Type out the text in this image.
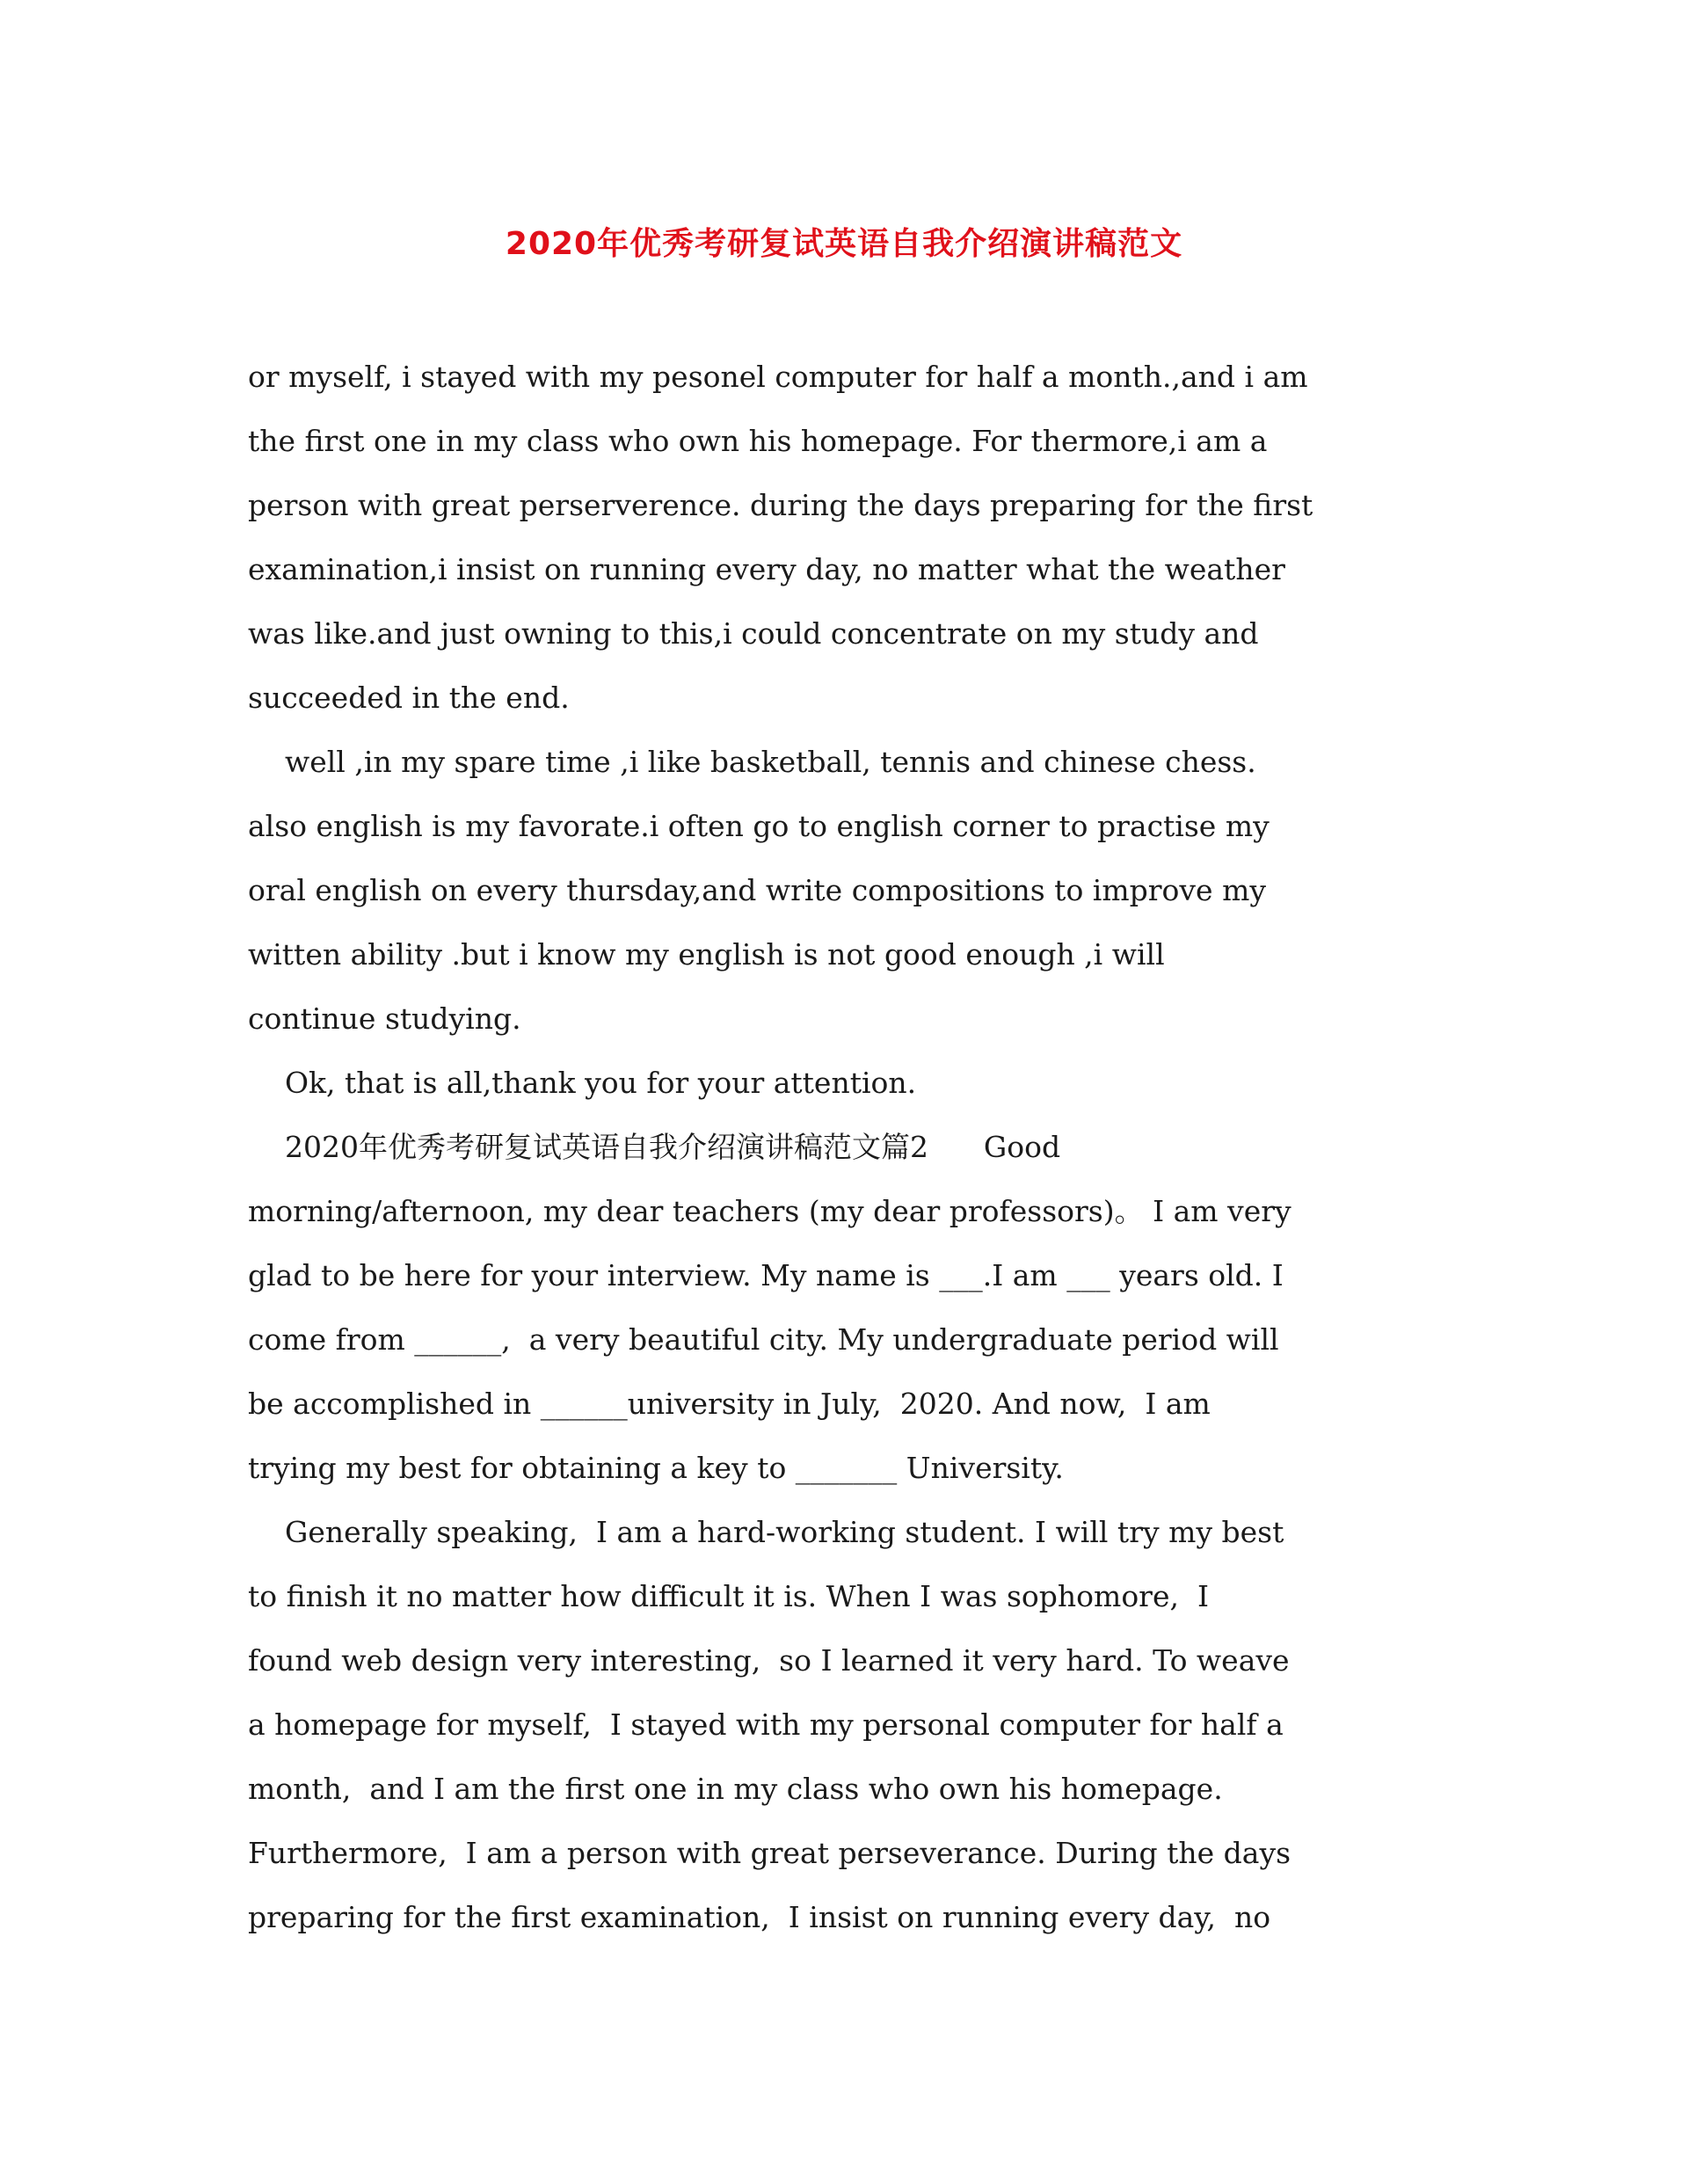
2020年优秀考研复试英语自我介绍演讲稿范文
or myself, i stayed with my pesonel computer for half a month.,and i am
the first one in my class who own his homepage. For thermore,i am a
person with great perserverence. during the days preparing for the first
examination,i insist on running every day, no matter what the weather
was like.and just owning to this,i could concentrate on my study and
succeeded in the end.
well ,in my spare time ,i like basketball, tennis and chinese chess.
also english is my favorate.i often go to english corner to practise my
oral english on every thursday,and write compositions to improve my
witten ability .but i know my english is not good enough ,i will
continue studying.
Ok, that is all,thank you for your attention.
2020年优秀考研复试英语自我介绍演讲稿范文篇2      Good
morning/afternoon, my dear teachers (my dear professors)。 I am very
glad to be here for your interview. My name is ___.I am ___ years old. I
come from ______,  a very beautiful city. My undergraduate period will
be accomplished in ______university in July,  2020. And now,  I am
trying my best for obtaining a key to _______ University.
Generally speaking,  I am a hard-working student. I will try my best
to finish it no matter how difficult it is. When I was sophomore,  I
found web design very interesting,  so I learned it very hard. To weave
a homepage for myself,  I stayed with my personal computer for half a
month,  and I am the first one in my class who own his homepage.
Furthermore,  I am a person with great perseverance. During the days
preparing for the first examination,  I insist on running every day,  no
